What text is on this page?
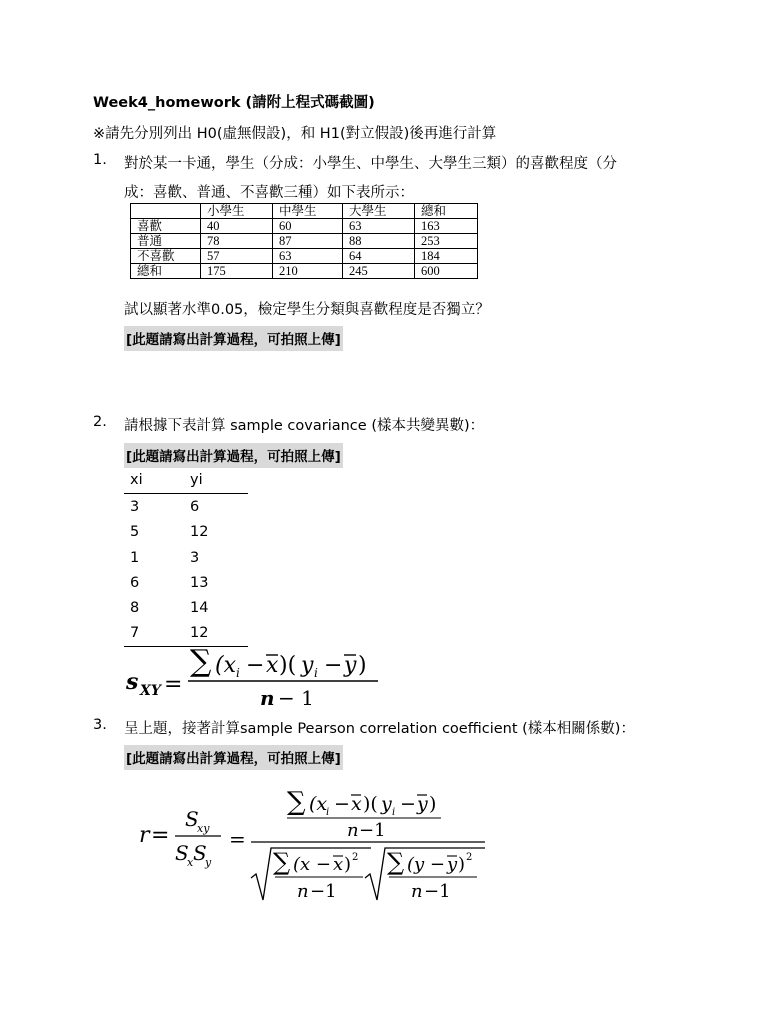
Week4_homework (請附上程式碼截圖)
※請先分別列出 H0(虛無假設)，和 H1(對立假設)後再進行計算
1. 對於某一卡通，學生（分成：小學生、中學生、大學生三類）的喜歡程度（分
成：喜歡、普通、不喜歡三種）如下表所示：
	小學生	中學生	大學生	總和
喜歡	40	60	63	163
普通	78	87	88	253
不喜歡	57	63	64	184
總和	175	210	245	600
試以顯著水準0.05，檢定學生分類與喜歡程度是否獨立？
[此題請寫出計算過程，可拍照上傳]
2. 請根據下表計算 sample covariance (樣本共變異數)：
[此題請寫出計算過程，可拍照上傳]
xi	yi
3	6
5	12
1	3
6	13
8	14
7	12
s XY =
∑ (x i − x )( y i − y )
n − 1
3. 呈上題，接著計算sample Pearson correlation coefficient (樣本相關係數)：
[此題請寫出計算過程，可拍照上傳]
r =
S
xy
S
x S
y
=
∑ (x
i − x )( y i − y )
n −1
∑ (x − x ) 2
n −1
∑ (y − y ) 2
n −1
